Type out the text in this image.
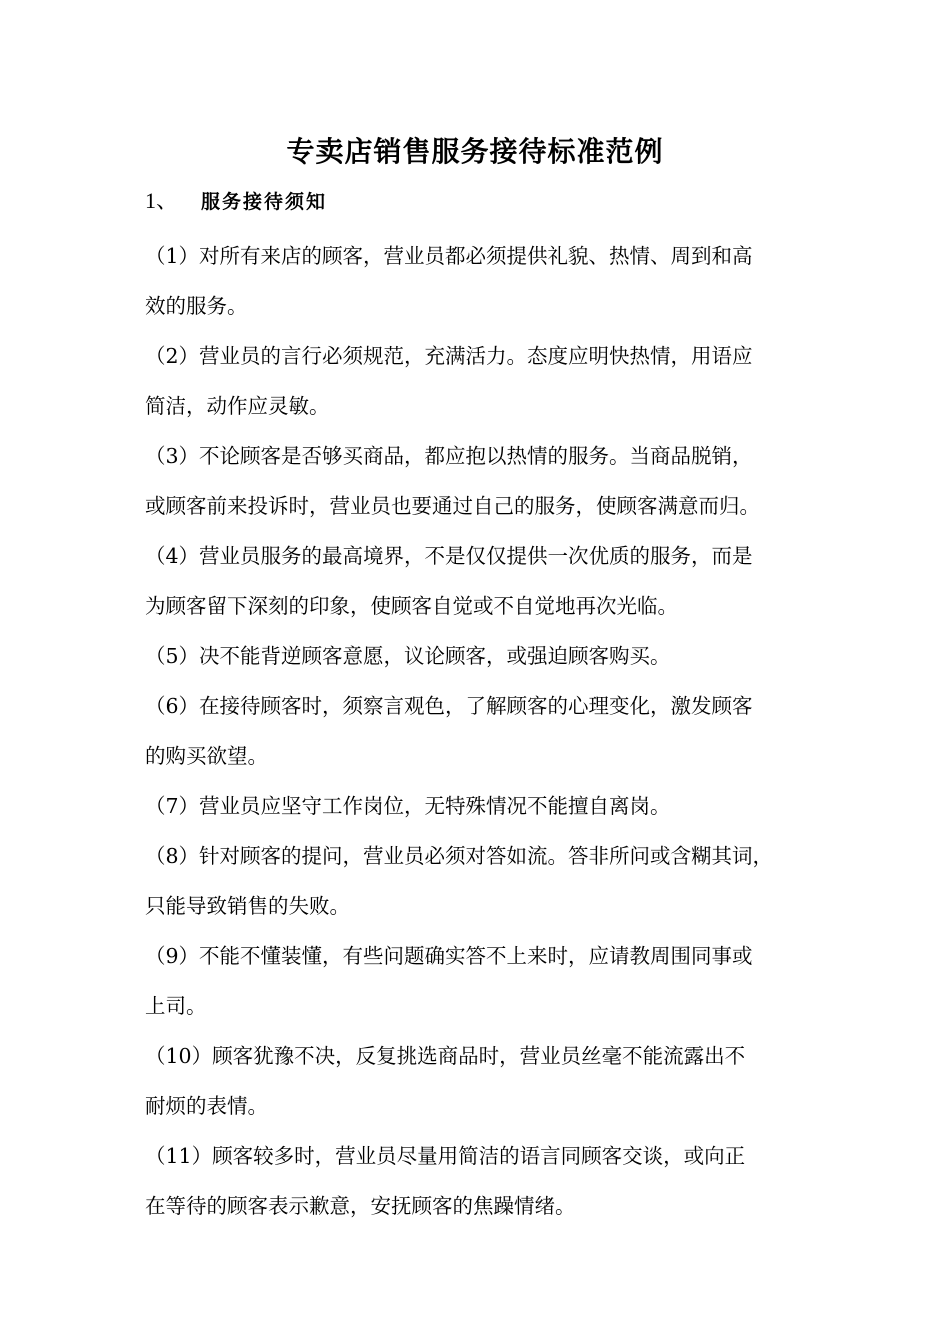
专卖店销售服务接待标准范例
1、 服务接待须知
（1）对所有来店的顾客，营业员都必须提供礼貌、热情、周到和高
效的服务。
（2）营业员的言行必须规范，充满活力。态度应明快热情，用语应
简洁，动作应灵敏。
（3）不论顾客是否够买商品，都应抱以热情的服务。当商品脱销，
或顾客前来投诉时，营业员也要通过自己的服务，使顾客满意而归。
（4）营业员服务的最高境界，不是仅仅提供一次优质的服务，而是
为顾客留下深刻的印象，使顾客自觉或不自觉地再次光临。
（5）决不能背逆顾客意愿，议论顾客，或强迫顾客购买。
（6）在接待顾客时，须察言观色，了解顾客的心理变化，激发顾客
的购买欲望。
（7）营业员应坚守工作岗位，无特殊情况不能擅自离岗。
（8）针对顾客的提问，营业员必须对答如流。答非所问或含糊其词，
只能导致销售的失败。
（9）不能不懂装懂，有些问题确实答不上来时，应请教周围同事或
上司。
（10）顾客犹豫不决，反复挑选商品时，营业员丝毫不能流露出不
耐烦的表情。
（11）顾客较多时，营业员尽量用简洁的语言同顾客交谈，或向正
在等待的顾客表示歉意，安抚顾客的焦躁情绪。
